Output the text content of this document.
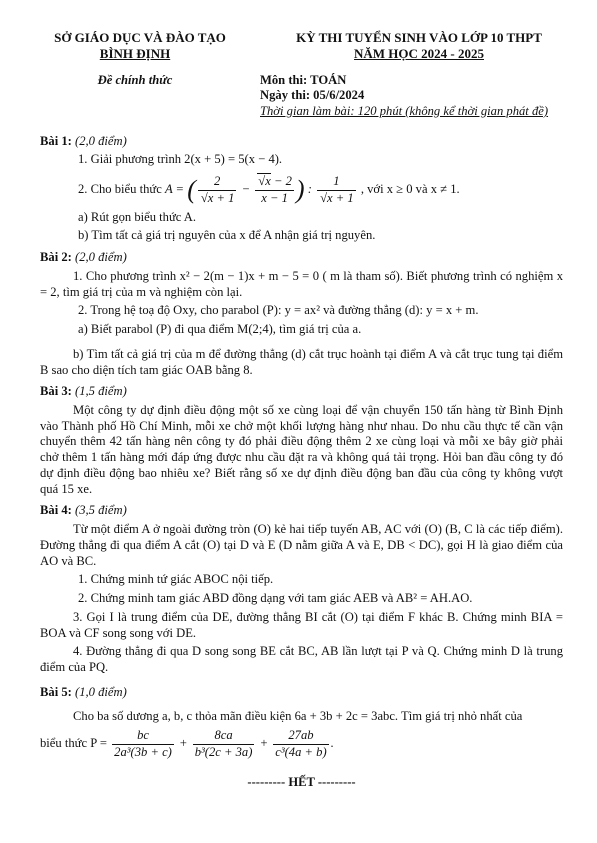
SỞ GIÁO DỤC VÀ ĐÀO TẠO
BÌNH ĐỊNH
KỲ THI TUYỂN SINH VÀO LỚP 10 THPT
NĂM HỌC 2024 - 2025
Đề chính thức	Môn thi: TOÁN
Ngày thi: 05/6/2024
Thời gian làm bài: 120 phút (không kể thời gian phát đề)
Bài 1: (2,0 điểm)

1. Giải phương trình 2(x + 5) = 5(x − 4).

2. Cho biểu thức A = ( $\frac{2}{√x + 1} - \frac{√x - 2}{x - 1}$ ) : $\frac{1}{√x + 1}$ , với x ≥ 0 và x ≠ 1.

a) Rút gọn biểu thức A.

b) Tìm tất cả giá trị nguyên của x để A nhận giá trị nguyên.

Bài 2: (2,0 điểm)

1. Cho phương trình x² − 2(m − 1)x + m − 5 = 0 ( m là tham số). Biết phương trình có nghiệm x = 2, tìm giá trị của m và nghiệm còn lại.

2. Trong hệ toạ độ Oxy, cho parabol (P): y = ax² và đường thẳng (d): y = x + m.

a) Biết parabol (P) đi qua điểm M(2;4), tìm giá trị của a.

b) Tìm tất cả giá trị của m để đường thẳng (d) cắt trục hoành tại điểm A và cắt trục tung tại điểm B sao cho diện tích tam giác OAB bằng 8.

Bài 3: (1,5 điểm)

Một công ty dự định điều động một số xe cùng loại để vận chuyển 150 tấn hàng từ Bình Định vào Thành phố Hồ Chí Minh, mỗi xe chở một khối lượng hàng như nhau. Do nhu cầu thực tế cần vận chuyển thêm 42 tấn hàng nên công ty đó phải điều động thêm 2 xe cùng loại và mỗi xe bây giờ phải chở thêm 1 tấn hàng mới đáp ứng được nhu cầu đặt ra và không quá tải trọng. Hỏi ban đầu công ty đó dự định điều động bao nhiêu xe? Biết rằng số xe dự định điều động ban đầu của công ty không vượt quá 15 xe.

Bài 4: (3,5 điểm)

Từ một điểm A ở ngoài đường tròn (O) kẻ hai tiếp tuyến AB, AC với (O) (B, C là các tiếp điểm). Đường thẳng đi qua điểm A cắt (O) tại D và E (D nằm giữa A và E, DB < DC), gọi H là giao điểm của AO và BC.

1. Chứng minh tứ giác ABOC nội tiếp.

2. Chứng minh tam giác ABD đồng dạng với tam giác AEB và AB² = AH.AO.

3. Gọi I là trung điểm của DE, đường thẳng BI cắt (O) tại điểm F khác B. Chứng minh BIA = BOA và CF song song với DE.

4. Đường thẳng đi qua D song song BE cắt BC, AB lần lượt tại P và Q. Chứng minh D là trung điểm của PQ.

Bài 5: (1,0 điểm)

Cho ba số dương a, b, c thỏa mãn điều kiện 6a + 3b + 2c = 3abc. Tìm giá trị nhỏ nhất của

biểu thức $P = \frac{bc}{\text{2a³(3b + c)}} + \frac{8ca}{\text{b³(2c + 3a)}} + \frac{27ab}{\text{c³(4a + b)}}$ .

--------- HẾT ---------
